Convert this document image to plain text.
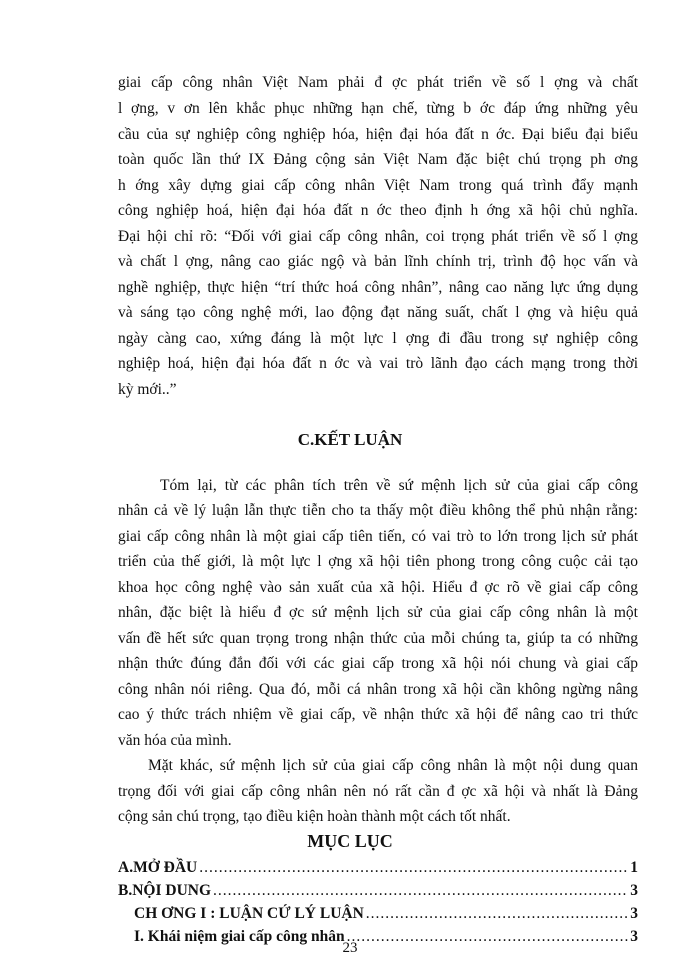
giai cấp công nhân Việt Nam phải đ ợc phát triển về số l ợng và chất
l ợng, v ơn lên khắc phục những hạn chế, từng b ớc đáp ứng những yêu
cầu của sự nghiệp công nghiệp hóa, hiện đại hóa đất n ớc. Đại biểu đại biểu
toàn quốc lần thứ IX Đảng cộng sản Việt Nam đặc biệt chú trọng ph ơng
h ớng xây dựng giai cấp công nhân Việt Nam trong quá trình đẩy mạnh
công nghiệp hoá, hiện đại hóa đất n ớc theo định h ớng xã hội chủ nghĩa.
Đại hội chỉ rõ: “Đối với giai cấp công nhân, coi trọng phát triển về số l ợng
và chất l ợng, nâng cao giác ngộ và bản lĩnh chính trị, trình độ học vấn và
nghề nghiệp, thực hiện “trí thức hoá công nhân”, nâng cao năng lực ứng dụng
và sáng tạo công nghệ mới, lao động đạt năng suất, chất l ợng và hiệu quả
ngày càng cao, xứng đáng là một lực l ợng đi đầu trong sự nghiệp công
nghiệp hoá, hiện đại hóa đất n ớc và vai trò lãnh đạo cách mạng trong thời
kỳ mới..”
C.KẾT LUẬN
Tóm lại, từ các phân tích trên về sứ mệnh lịch sử của giai cấp công
nhân cả về lý luận lẫn thực tiễn cho ta thấy một điều không thể phủ nhận rằng:
giai cấp công nhân là một giai cấp tiên tiến, có vai trò to lớn trong lịch sử phát
triển của thế giới, là một lực l ợng xã hội tiên phong trong công cuộc cải tạo
khoa học công nghệ vào sản xuất của xã hội. Hiểu đ ợc rõ về giai cấp công
nhân, đặc biệt là hiểu đ ợc sứ mệnh lịch sử của giai cấp công nhân là một
vấn đề hết sức quan trọng trong nhận thức của mỗi chúng ta, giúp ta có những
nhận thức đúng đắn đối với các giai cấp trong xã hội nói chung và giai cấp
công nhân nói riêng. Qua đó, mỗi cá nhân trong xã hội cần không ngừng nâng
cao ý thức trách nhiệm về giai cấp, về nhận thức xã hội để nâng cao tri thức
văn hóa của mình.
Mặt khác, sứ mệnh lịch sử của giai cấp công nhân là một nội dung quan
trọng đối với giai cấp công nhân nên nó rất cần đ ợc xã hội và nhất là Đảng
cộng sản chú trọng, tạo điều kiện hoàn thành một cách tốt nhất.
MỤC LỤC
A.MỞ ĐẦU .....	1
B.NỘI DUNG .....	3
CH ƠNG I : LUẬN CỨ LÝ LUẬN .....	3
I. Khái niệm giai cấp công nhân .....	3
23
